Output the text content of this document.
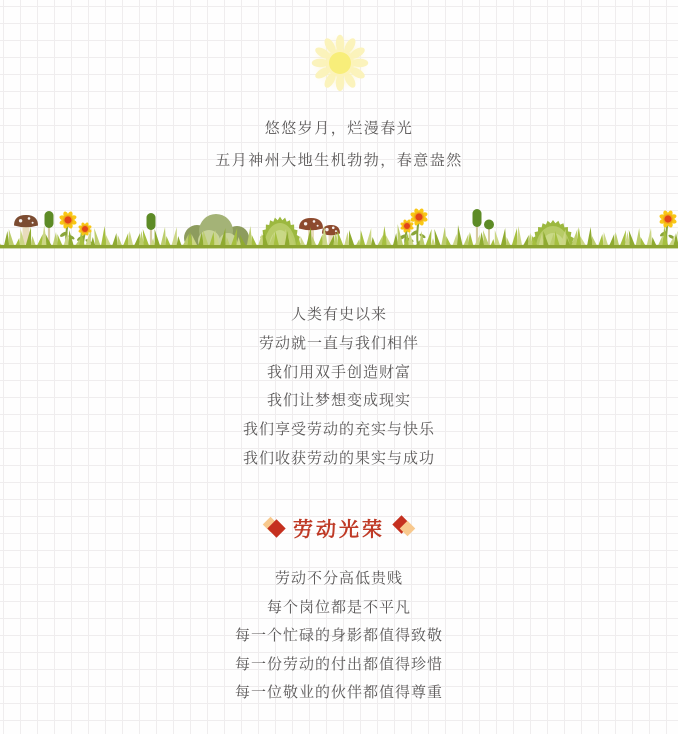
悠悠岁月，烂漫春光

五月神州大地生机勃勃，春意盎然

人类有史以来

劳动就一直与我们相伴

我们用双手创造财富

我们让梦想变成现实

我们享受劳动的充实与快乐

我们收获劳动的果实与成功

劳动光荣

劳动不分高低贵贱

每个岗位都是不平凡

每一个忙碌的身影都值得致敬

每一份劳动的付出都值得珍惜

每一位敬业的伙伴都值得尊重
